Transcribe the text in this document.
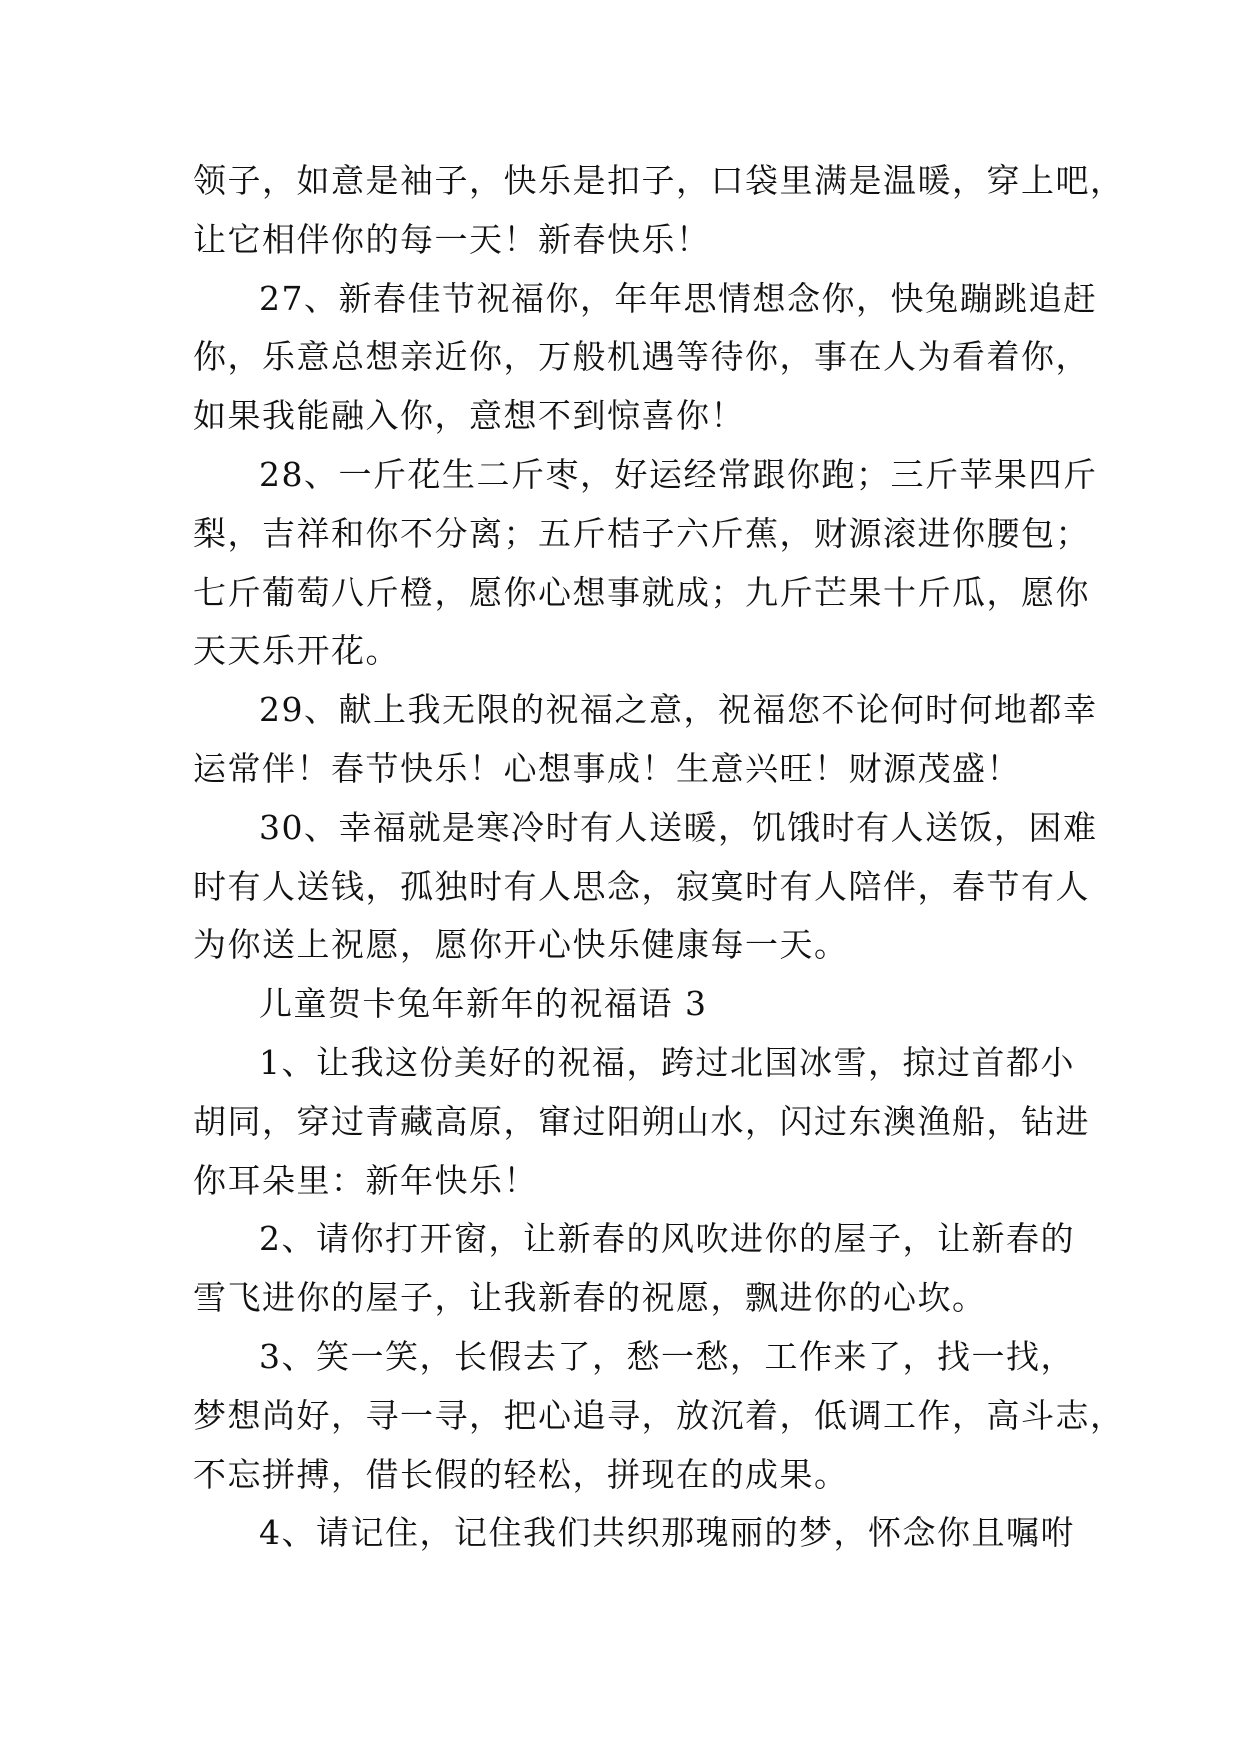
领子，如意是袖子，快乐是扣子，口袋里满是温暖，穿上吧，
让它相伴你的每一天！新春快乐！
27、新春佳节祝福你，年年思情想念你，快兔蹦跳追赶
你，乐意总想亲近你，万般机遇等待你，事在人为看着你，
如果我能融入你，意想不到惊喜你！
28、一斤花生二斤枣，好运经常跟你跑；三斤苹果四斤
梨，吉祥和你不分离；五斤桔子六斤蕉，财源滚进你腰包；
七斤葡萄八斤橙，愿你心想事就成；九斤芒果十斤瓜，愿你
天天乐开花。
29、献上我无限的祝福之意，祝福您不论何时何地都幸
运常伴！春节快乐！心想事成！生意兴旺！财源茂盛！
30、幸福就是寒冷时有人送暖，饥饿时有人送饭，困难
时有人送钱，孤独时有人思念，寂寞时有人陪伴，春节有人
为你送上祝愿，愿你开心快乐健康每一天。
儿童贺卡兔年新年的祝福语 3
1、让我这份美好的祝福，跨过北国冰雪，掠过首都小
胡同，穿过青藏高原，窜过阳朔山水，闪过东澳渔船，钻进
你耳朵里：新年快乐！
2、请你打开窗，让新春的风吹进你的屋子，让新春的
雪飞进你的屋子，让我新春的祝愿，飘进你的心坎。
3、笑一笑，长假去了，愁一愁，工作来了，找一找，
梦想尚好，寻一寻，把心追寻，放沉着，低调工作，高斗志，
不忘拼搏，借长假的轻松，拼现在的成果。
4、请记住，记住我们共织那瑰丽的梦，怀念你且嘱咐
